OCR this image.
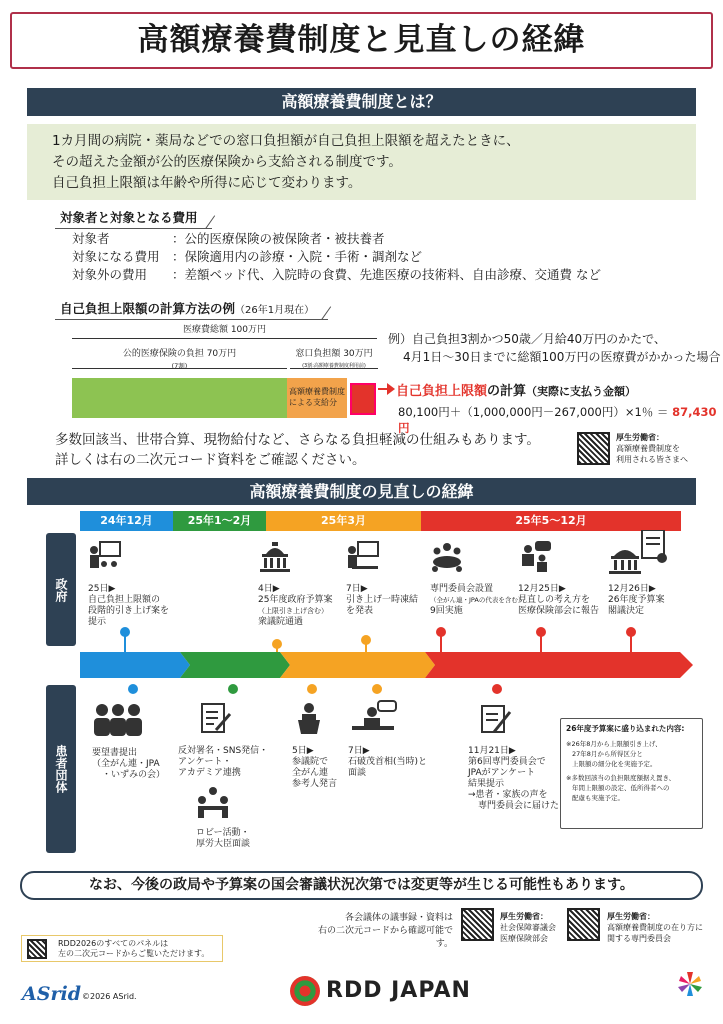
高額療養費制度と見直しの経緯
高額療養費制度とは？
1カ月間の病院・薬局などでの窓口負担額が自己負担上限額を超えたときに、
その超えた金額が公的医療保険から支給される制度です。
自己負担上限額は年齢や所得に応じて変わります。
対象者と対象となる費用
対象者	：公的医療保険の被保険者・被扶養者
対象になる費用 ：保険適用内の診療・入院・手術・調剤など
対象外の費用	：差額ベッド代、入院時の食費、先進医療の技術料、自由診療、交通費 など
自己負担上限額の計算方法の例（26年1月現在）
医療費総額 100万円
公的医療保険の負担 70万円
(7割)
窓口負担額 30万円
(3割:高額療養費制度利用前)
高額療養費制度による支給分
例）自己負担3割かつ50歳／月給40万円のかたで、
4月1日～30日までに総額100万円の医療費がかかった場合
自己負担上限額の計算（実際に支払う金額）
80,100円＋（1,000,000円－267,000円）×1％ ＝ 87,430円
多数回該当、世帯合算、現物給付など、さらなる負担軽減の仕組みもあります。
詳しくは右の二次元コード資料をご確認ください。
厚生労働省：
高額療養費制度を
利用される皆さまへ
高額療養費制度の見直しの経緯
24年12月	25年1～2月	25年3月	25年5～12月
政府
患者団体
25日▶
自己負担上限額の
段階的引き上げ案を
提示
4日▶
25年度政府予算案
（上限引き上げ含む）
衆議院通過
7日▶
引き上げ一時凍結
を発表
専門委員会設置
（全がん連・JPAの代表を含む）
9回実施
12月25日▶
見直しの考え方を
医療保険部会に報告
12月26日▶
26年度予算案
閣議決定
要望書提出
（全がん連・JPA
・いずみの会）
反対署名・SNS発信・
アンケート・
アカデミア連携
ロビー活動・
厚労大臣面談
5日▶
参議院で
全がん連
参考人発言
7日▶
石破茂首相(当時)と
面談
11月21日▶
第6回専門委員会で
JPAがアンケート
結果提示
→患者・家族の声を
専門委員会に届けた
26年度予算案に盛り込まれた内容:
※26年8月から上限額引き上げ、
27年8月から所得区分と
上限額の細分化を実施予定。
※多数回該当の負担限度額据え置き、
年間上限額の設定、低所得者への
配慮も実施予定。
なお、今後の政局や予算案の国会審議状況次第では変更等が生じる可能性もあります。
各会議体の議事録・資料は
右の二次元コードから確認可能です。
厚生労働省：
社会保障審議会
医療保険部会
厚生労働省：
高額療養費制度の在り方に
関する専門委員会
RDD2026のすべてのパネルは
左の二次元コードからご覧いただけます。
ASrid ©2026 ASrid.	RDD JAPAN
